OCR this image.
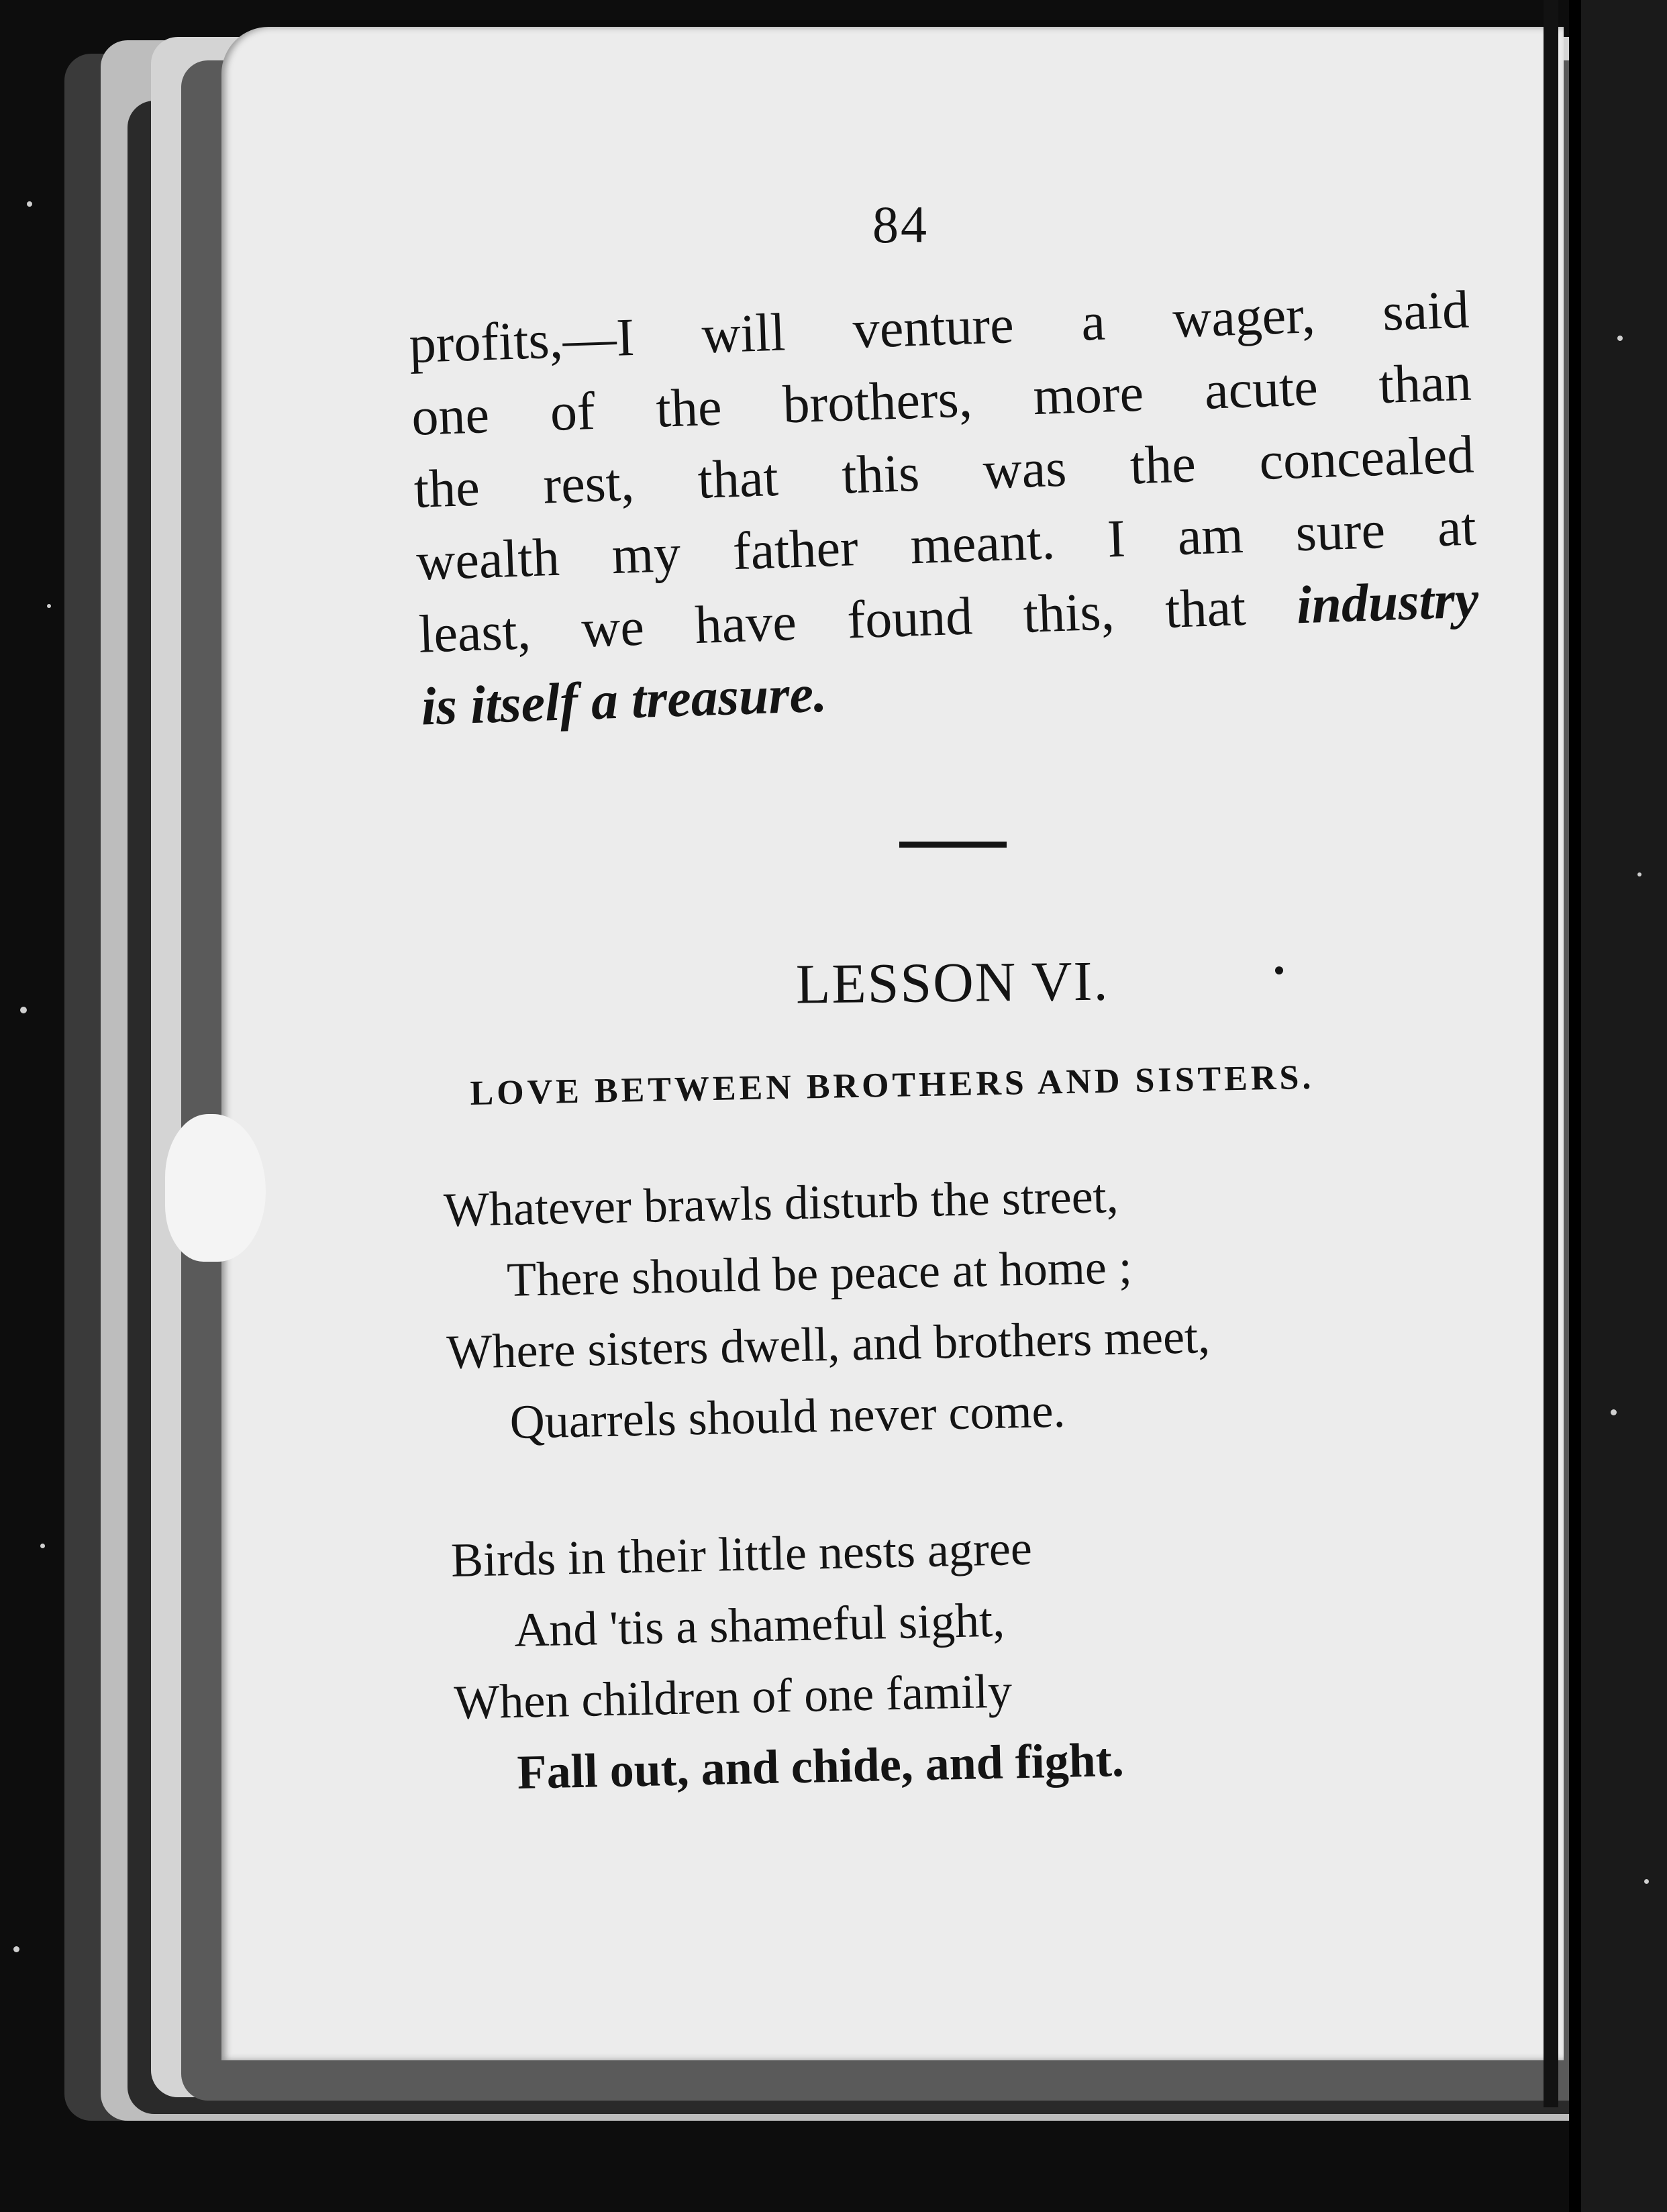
84
profits,—I will venture a wager, said
one of the brothers, more acute than
the rest, that this was the concealed
wealth my father meant. I am sure at
least, we have found this, that industry
is itself a treasure.
LESSON VI.
LOVE BETWEEN BROTHERS AND SISTERS.
Whatever brawls disturb the street,
There should be peace at home ;
Where sisters dwell, and brothers meet,
Quarrels should never come.
Birds in their little nests agree
And 'tis a shameful sight,
When children of one family
Fall out, and chide, and fight.
